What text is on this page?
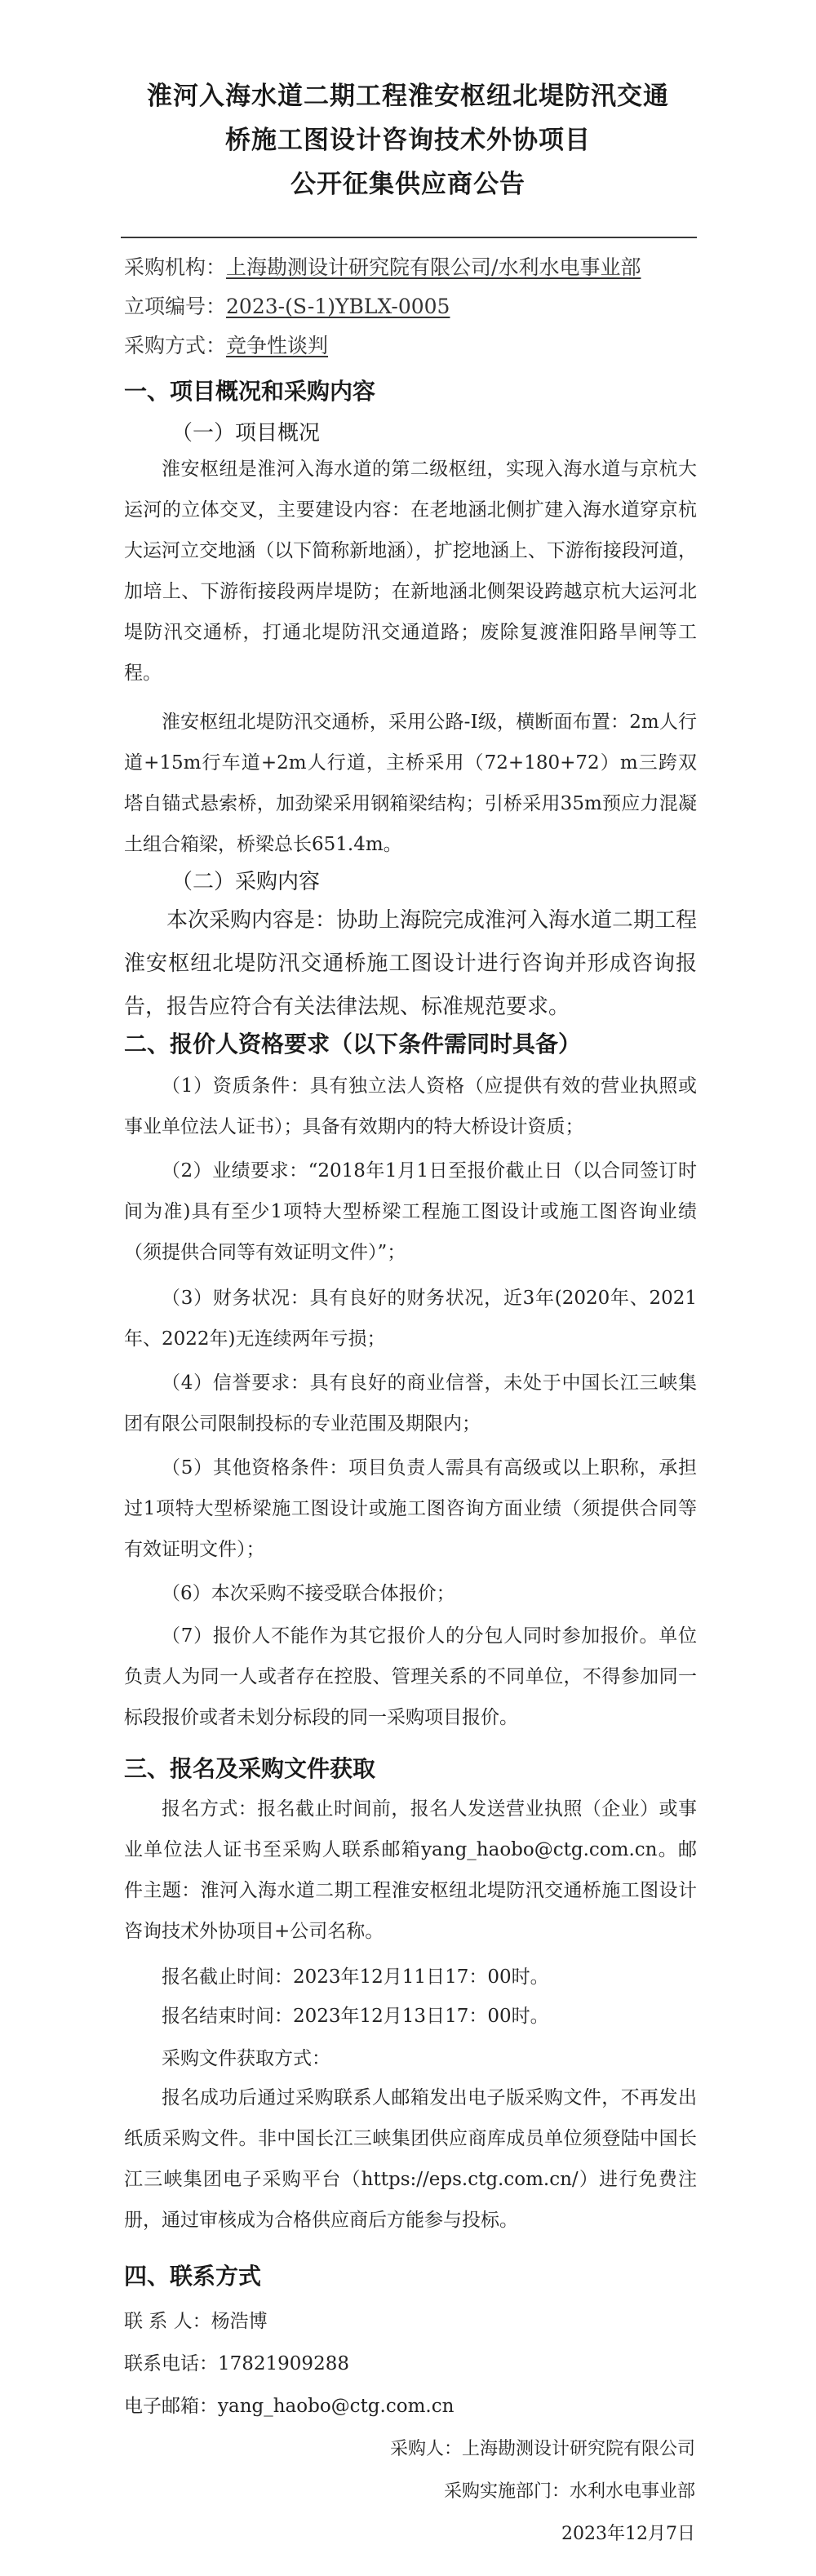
淮河入海水道二期工程淮安枢纽北堤防汛交通
桥施工图设计咨询技术外协项目
公开征集供应商公告
采购机构：上海勘测设计研究院有限公司/水利水电事业部
立项编号：2023-(S-1)YBLX-0005
采购方式：竞争性谈判
一、项目概况和采购内容
（一）项目概况
淮安枢纽是淮河入海水道的第二级枢纽，实现入海水道与京杭大运河的立体交叉，主要建设内容：在老地涵北侧扩建入海水道穿京杭大运河立交地涵（以下简称新地涵），扩挖地涵上、下游衔接段河道，加培上、下游衔接段两岸堤防；在新地涵北侧架设跨越京杭大运河北堤防汛交通桥，打通北堤防汛交通道路；废除复渡淮阳路旱闸等工程。
淮安枢纽北堤防汛交通桥，采用公路-Ⅰ级，横断面布置：2m人行道+15m行车道+2m人行道，主桥采用（72+180+72）m三跨双塔自锚式悬索桥，加劲梁采用钢箱梁结构；引桥采用35m预应力混凝土组合箱梁，桥梁总长651.4m。
（二）采购内容
本次采购内容是：协助上海院完成淮河入海水道二期工程淮安枢纽北堤防汛交通桥施工图设计进行咨询并形成咨询报告，报告应符合有关法律法规、标准规范要求。
二、报价人资格要求（以下条件需同时具备）
（1）资质条件：具有独立法人资格（应提供有效的营业执照或事业单位法人证书）；具备有效期内的特大桥设计资质；
（2）业绩要求：“2018年1月1日至报价截止日（以合同签订时间为准)具有至少1项特大型桥梁工程施工图设计或施工图咨询业绩（须提供合同等有效证明文件）”；
（3）财务状况：具有良好的财务状况，近3年(2020年、2021年、2022年)无连续两年亏损；
（4）信誉要求：具有良好的商业信誉，未处于中国长江三峡集团有限公司限制投标的专业范围及期限内；
（5）其他资格条件：项目负责人需具有高级或以上职称，承担过1项特大型桥梁施工图设计或施工图咨询方面业绩（须提供合同等有效证明文件）；
（6）本次采购不接受联合体报价；
（7）报价人不能作为其它报价人的分包人同时参加报价。单位负责人为同一人或者存在控股、管理关系的不同单位，不得参加同一标段报价或者未划分标段的同一采购项目报价。
三、报名及采购文件获取
报名方式：报名截止时间前，报名人发送营业执照（企业）或事业单位法人证书至采购人联系邮箱yang_haobo@ctg.com.cn。邮件主题：淮河入海水道二期工程淮安枢纽北堤防汛交通桥施工图设计咨询技术外协项目+公司名称。
报名截止时间：2023年12月11日17：00时。
报名结束时间：2023年12月13日17：00时。
采购文件获取方式：
报名成功后通过采购联系人邮箱发出电子版采购文件，不再发出纸质采购文件。非中国长江三峡集团供应商库成员单位须登陆中国长江三峡集团电子采购平台（https://eps.ctg.com.cn/）进行免费注册，通过审核成为合格供应商后方能参与投标。
四、联系方式
联 系 人：杨浩博
联系电话：17821909288
电子邮箱：yang_haobo@ctg.com.cn
采购人：上海勘测设计研究院有限公司
采购实施部门：水利水电事业部
2023年12月7日
